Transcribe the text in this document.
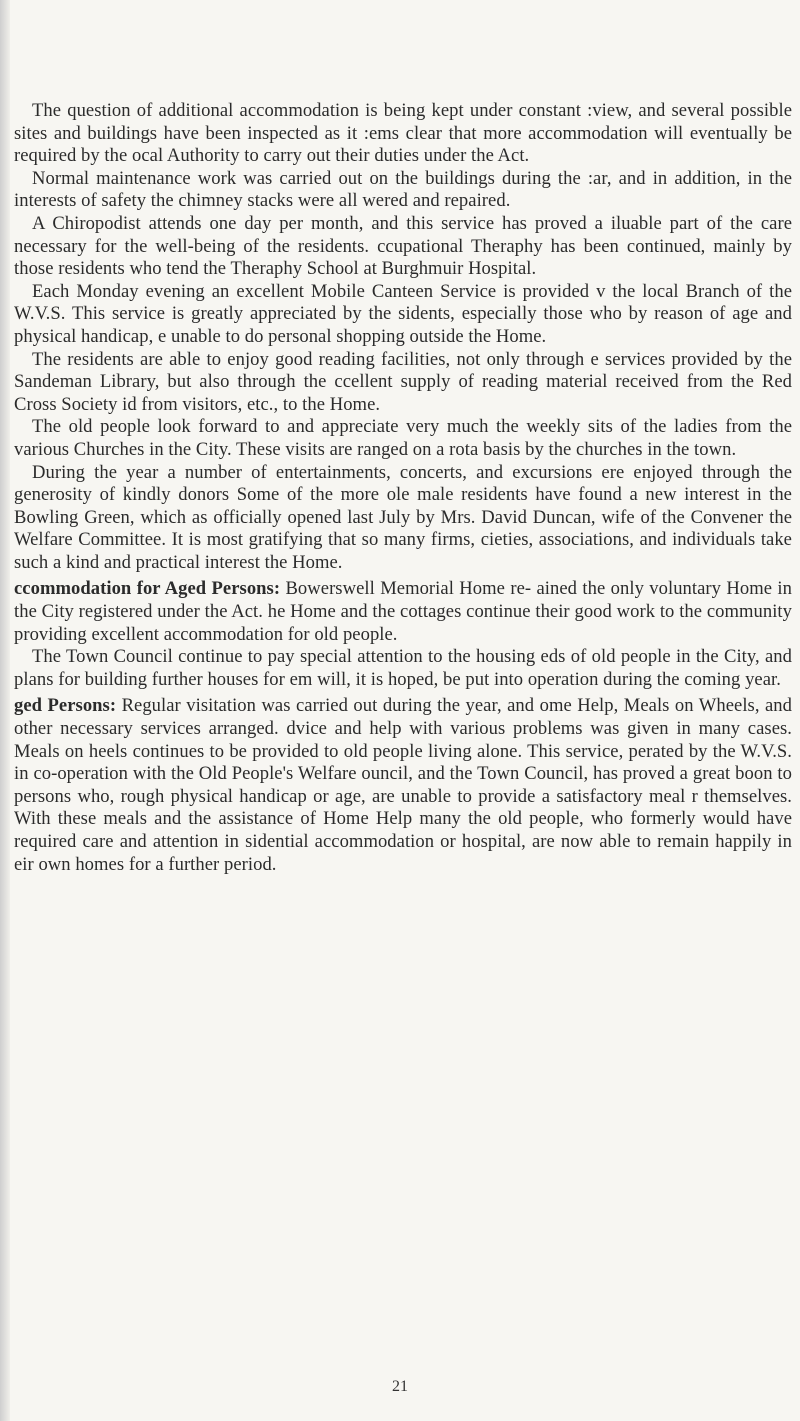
The question of additional accommodation is being kept under constant :view, and several possible sites and buildings have been inspected as it :ems clear that more accommodation will eventually be required by the ocal Authority to carry out their duties under the Act.

Normal maintenance work was carried out on the buildings during the :ar, and in addition, in the interests of safety the chimney stacks were all wered and repaired.

A Chiropodist attends one day per month, and this service has proved a iluable part of the care necessary for the well-being of the residents. ccupational Theraphy has been continued, mainly by those residents who tend the Theraphy School at Burghmuir Hospital.

Each Monday evening an excellent Mobile Canteen Service is provided v the local Branch of the W.V.S. This service is greatly appreciated by the sidents, especially those who by reason of age and physical handicap, e unable to do personal shopping outside the Home.

The residents are able to enjoy good reading facilities, not only through e services provided by the Sandeman Library, but also through the ccellent supply of reading material received from the Red Cross Society id from visitors, etc., to the Home.

The old people look forward to and appreciate very much the weekly sits of the ladies from the various Churches in the City. These visits are ranged on a rota basis by the churches in the town.

During the year a number of entertainments, concerts, and excursions ere enjoyed through the generosity of kindly donors Some of the more ole male residents have found a new interest in the Bowling Green, which as officially opened last July by Mrs. David Duncan, wife of the Convener the Welfare Committee. It is most gratifying that so many firms, cieties, associations, and individuals take such a kind and practical interest the Home.

ccommodation for Aged Persons: Bowerswell Memorial Home re- ained the only voluntary Home in the City registered under the Act. he Home and the cottages continue their good work to the community providing excellent accommodation for old people.

The Town Council continue to pay special attention to the housing eds of old people in the City, and plans for building further houses for em will, it is hoped, be put into operation during the coming year.

ged Persons: Regular visitation was carried out during the year, and ome Help, Meals on Wheels, and other necessary services arranged. dvice and help with various problems was given in many cases. Meals on heels continues to be provided to old people living alone. This service, perated by the W.V.S. in co-operation with the Old People's Welfare ouncil, and the Town Council, has proved a great boon to persons who, rough physical handicap or age, are unable to provide a satisfactory meal r themselves. With these meals and the assistance of Home Help many the old people, who formerly would have required care and attention in sidential accommodation or hospital, are now able to remain happily in eir own homes for a further period.

21
